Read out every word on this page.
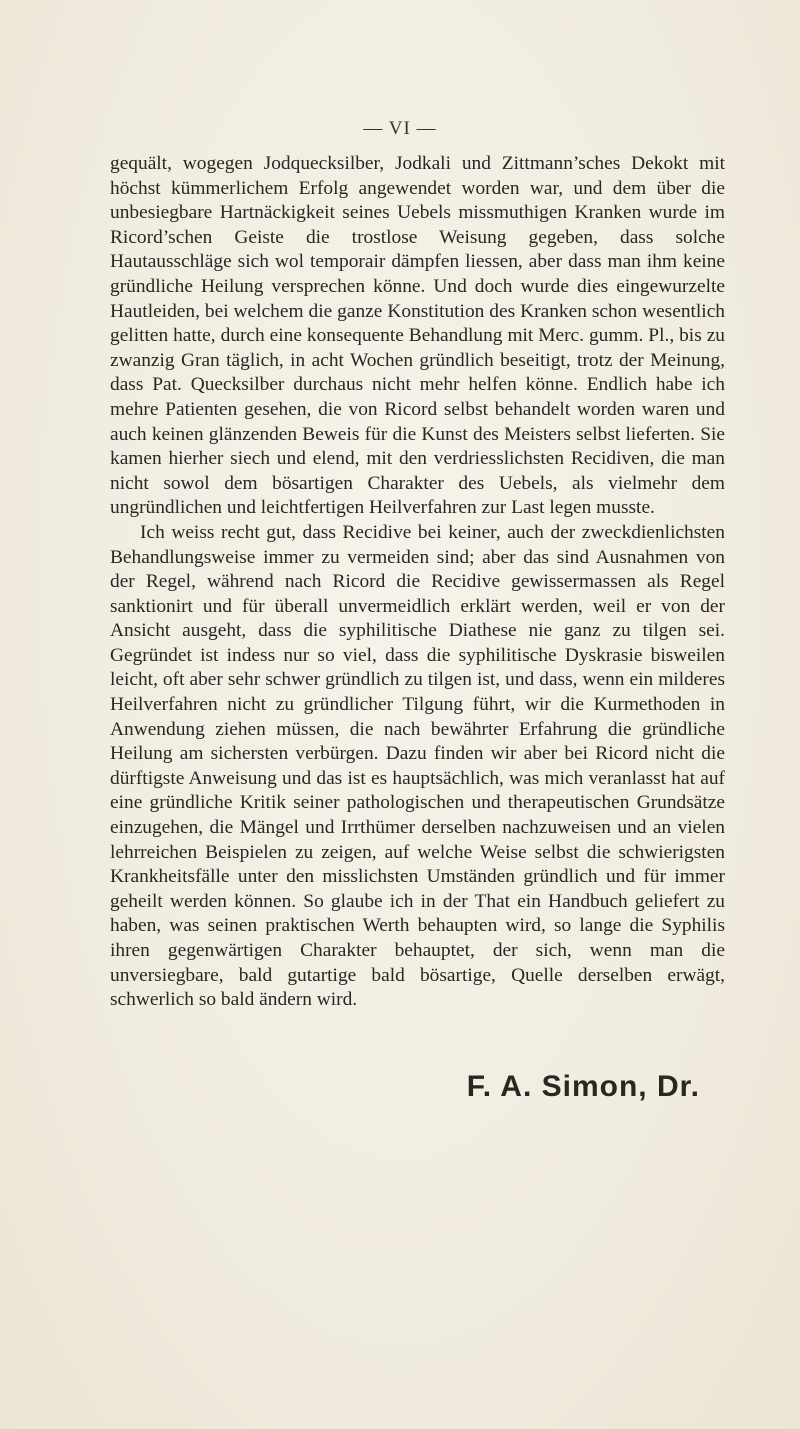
— VI —

gequält, wogegen Jodquecksilber, Jodkali und Zittmann’sches Dekokt mit höchst kümmerlichem Erfolg angewendet worden war, und dem über die unbesiegbare Hartnäckigkeit seines Uebels missmuthigen Kranken wurde im Ricord’schen Geiste die trostlose Weisung gegeben, dass solche Hautausschläge sich wol temporair dämpfen liessen, aber dass man ihm keine gründliche Heilung versprechen könne. Und doch wurde dies eingewurzelte Hautleiden, bei welchem die ganze Konstitution des Kranken schon wesentlich gelitten hatte, durch eine konsequente Behandlung mit Merc. gumm. Pl., bis zu zwanzig Gran täglich, in acht Wochen gründlich beseitigt, trotz der Meinung, dass Pat. Quecksilber durchaus nicht mehr helfen könne. Endlich habe ich mehre Patienten gesehen, die von Ricord selbst behandelt worden waren und auch keinen glänzenden Beweis für die Kunst des Meisters selbst lieferten. Sie kamen hierher siech und elend, mit den verdriesslichsten Recidiven, die man nicht sowol dem bösartigen Charakter des Uebels, als vielmehr dem ungründlichen und leichtfertigen Heilverfahren zur Last legen musste.

Ich weiss recht gut, dass Recidive bei keiner, auch der zweckdienlichsten Behandlungsweise immer zu vermeiden sind; aber das sind Ausnahmen von der Regel, während nach Ricord die Recidive gewissermassen als Regel sanktionirt und für überall unvermeidlich erklärt werden, weil er von der Ansicht ausgeht, dass die syphilitische Diathese nie ganz zu tilgen sei. Gegründet ist indess nur so viel, dass die syphilitische Dyskrasie bisweilen leicht, oft aber sehr schwer gründlich zu tilgen ist, und dass, wenn ein milderes Heilverfahren nicht zu gründlicher Tilgung führt, wir die Kurmethoden in Anwendung ziehen müssen, die nach bewährter Erfahrung die gründliche Heilung am sichersten verbürgen. Dazu finden wir aber bei Ricord nicht die dürftigste Anweisung und das ist es hauptsächlich, was mich veranlasst hat auf eine gründliche Kritik seiner pathologischen und therapeutischen Grundsätze einzugehen, die Mängel und Irrthümer derselben nachzuweisen und an vielen lehrreichen Beispielen zu zeigen, auf welche Weise selbst die schwierigsten Krankheitsfälle unter den misslichsten Umständen gründlich und für immer geheilt werden können. So glaube ich in der That ein Handbuch geliefert zu haben, was seinen praktischen Werth behaupten wird, so lange die Syphilis ihren gegenwärtigen Charakter behauptet, der sich, wenn man die unversiegbare, bald gutartige bald bösartige, Quelle derselben erwägt, schwerlich so bald ändern wird.

F. A. Simon, Dr.
